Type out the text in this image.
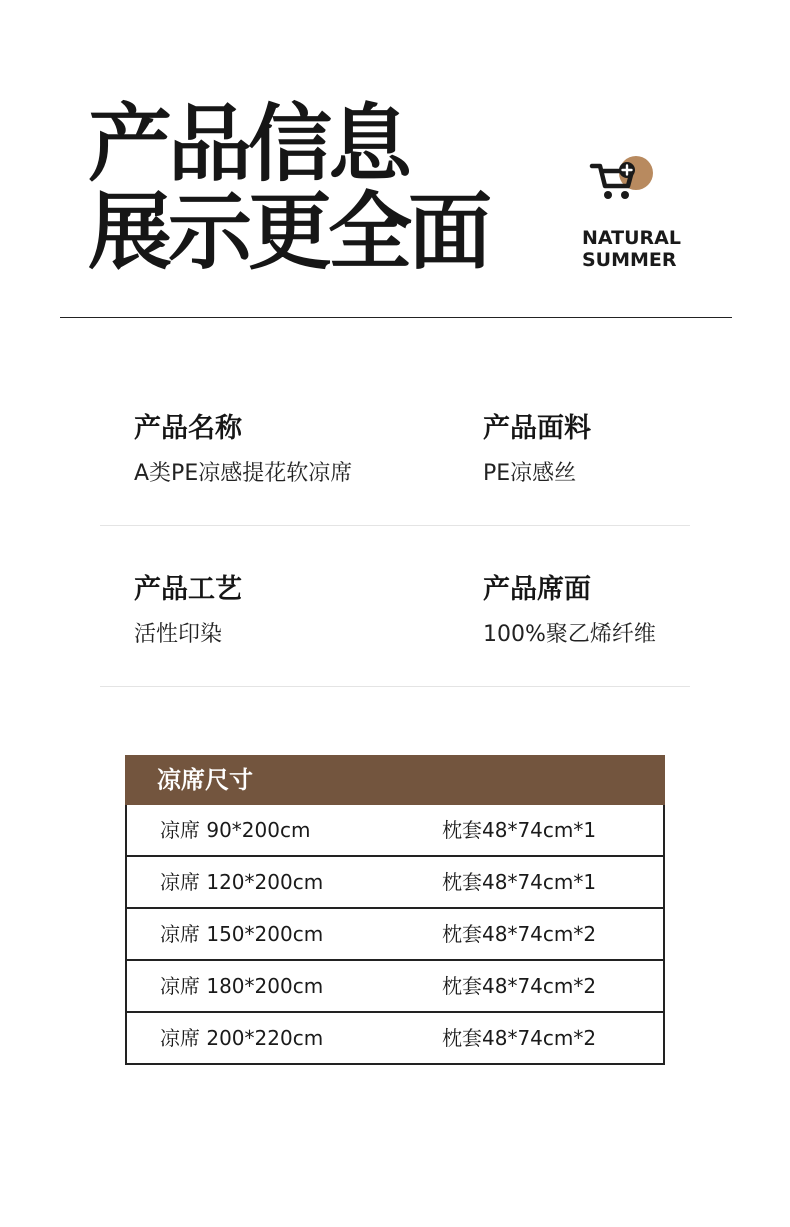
产品信息
展示更全面	NATURAL
SUMMER
产品名称
A类PE凉感提花软凉席
产品面料
PE凉感丝
产品工艺
活性印染
产品席面
100%聚乙烯纤维
凉席尺寸
凉席 90*200cm	枕套48*74cm*1
凉席 120*200cm	枕套48*74cm*1
凉席 150*200cm	枕套48*74cm*2
凉席 180*200cm	枕套48*74cm*2
凉席 200*220cm	枕套48*74cm*2
